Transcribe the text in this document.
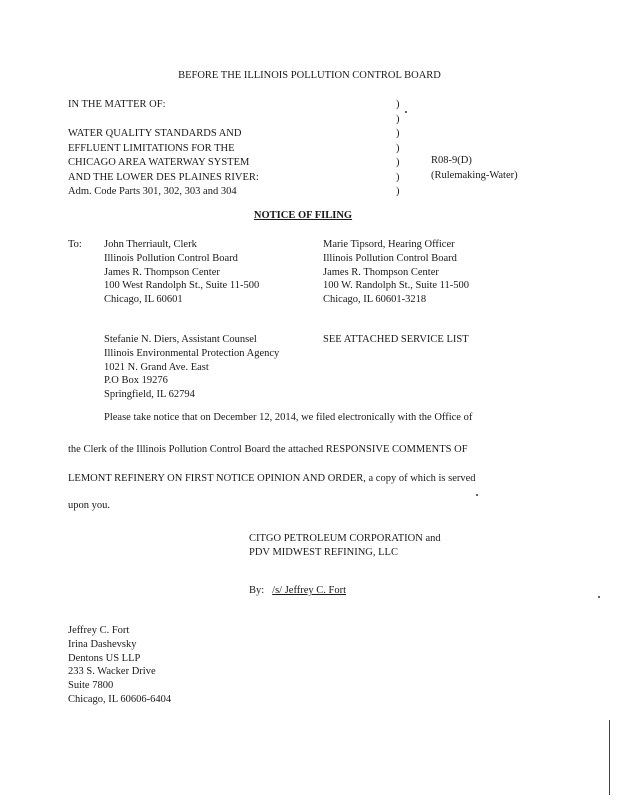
BEFORE THE ILLINOIS POLLUTION CONTROL BOARD
IN THE MATTER OF:
WATER QUALITY STANDARDS AND
EFFLUENT LIMITATIONS FOR THE
CHICAGO AREA WATERWAY SYSTEM
AND THE LOWER DES PLAINES RIVER:
Adm. Code Parts 301, 302, 303 and 304
)
)
)
)
)
)
)
R08-9(D)
(Rulemaking-Water)
NOTICE OF FILING
To: John Therriault, Clerk
Illinois Pollution Control Board
James R. Thompson Center
100 West Randolph St., Suite 11-500
Chicago, IL 60601
Marie Tipsord, Hearing Officer
Illinois Pollution Control Board
James R. Thompson Center
100 W. Randolph St., Suite 11-500
Chicago, IL 60601-3218
Stefanie N. Diers, Assistant Counsel
Illinois Environmental Protection Agency
1021 N. Grand Ave. East
P.O Box 19276
Springfield, IL 62794
SEE ATTACHED SERVICE LIST
Please take notice that on December 12, 2014, we filed electronically with the Office of
the Clerk of the Illinois Pollution Control Board the attached RESPONSIVE COMMENTS OF
LEMONT REFINERY ON FIRST NOTICE OPINION AND ORDER, a copy of which is served
upon you.
CITGO PETROLEUM CORPORATION and
PDV MIDWEST REFINING, LLC
By: /s/ Jeffrey C. Fort
Jeffrey C. Fort
Irina Dashevsky
Dentons US LLP
233 S. Wacker Drive
Suite 7800
Chicago, IL 60606-6404
